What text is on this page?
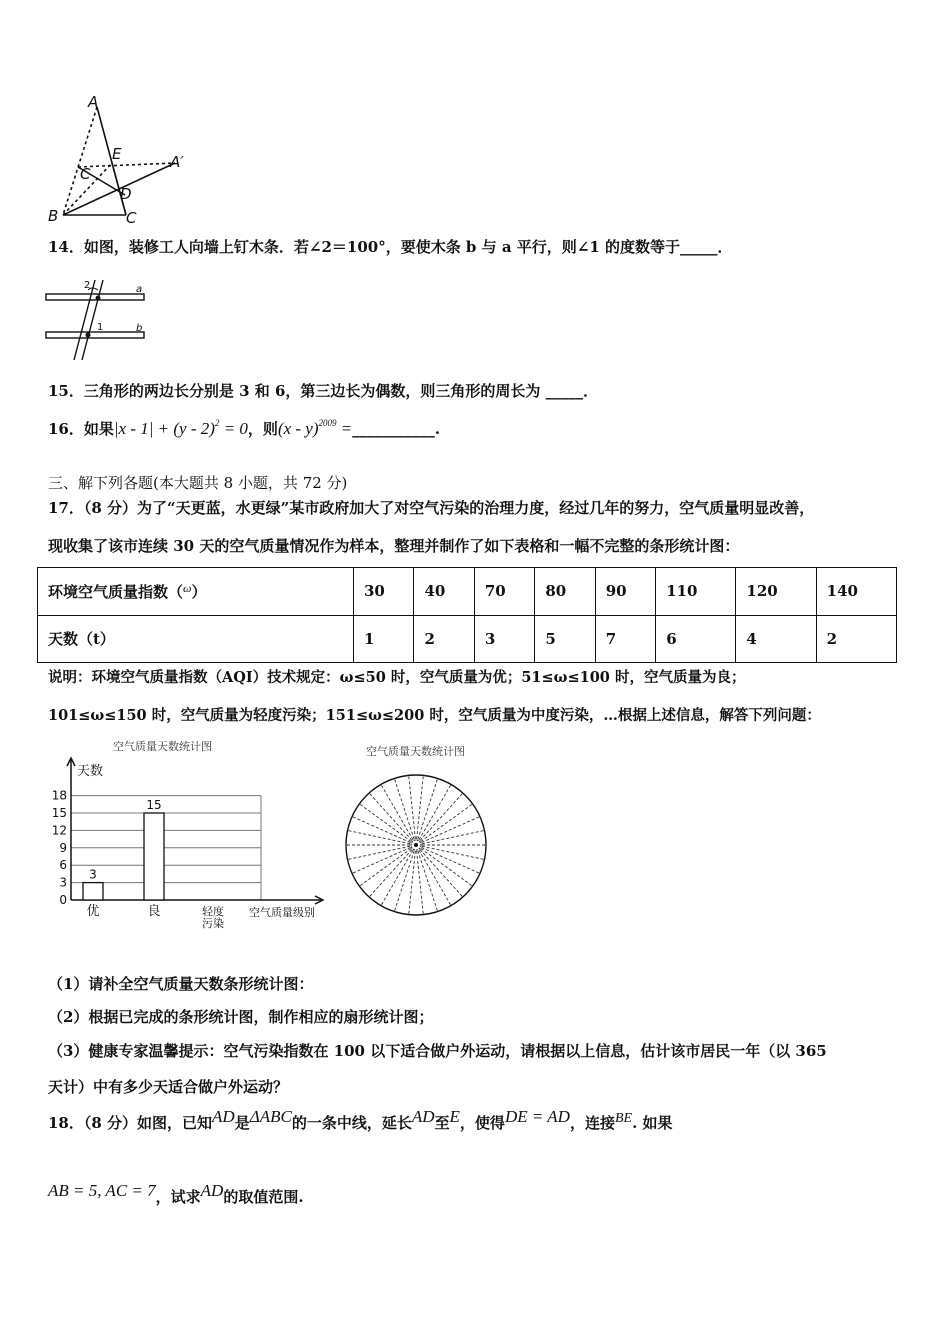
A
E	A′
C
D
B	C
14．如图，装修工人向墙上钉木条．若∠2＝100°，要使木条 b 与 a 平行，则∠1 的度数等于_____．
2	a
1	b
15．三角形的两边长分别是 3 和 6，第三边长为偶数，则三角形的周长为 _____．
16．如果|x - 1| + (y - 2)$^2$ = 0，则(x - y)$^{2009}$ =___________.
三、解下列各题(本大题共 8 小题，共 72 分)
17．（8 分）为了“天更蓝，水更绿”某市政府加大了对空气污染的治理力度，经过几年的努力，空气质量明显改善，
现收集了该市连续 30 天的空气质量情况作为样本，整理并制作了如下表格和一幅不完整的条形统计图：
环境空气质量指数（$^\omega$）	30	40	70	80	90	110	120	140
天数（t）	1	2	3	5	7	6	4	2
说明：环境空气质量指数（AQI）技术规定：ω≤50 时，空气质量为优；51≤ω≤100 时，空气质量为良；
101≤ω≤150 时，空气质量为轻度污染；151≤ω≤200 时，空气质量为中度污染，…根据上述信息，解答下列问题：
空气质量天数统计图
0
3
6
9
12
15
18
天数
空气质量级别
3
优
15
良	轻度
污染
空气质量天数统计图
（1）请补全空气质量天数条形统计图：
（2）根据已完成的条形统计图，制作相应的扇形统计图；
（3）健康专家温馨提示：空气污染指数在 100 以下适合做户外运动，请根据以上信息，估计该市居民一年（以 365
天计）中有多少天适合做户外运动？
18．（8 分）如图，已知AD是ΔABC的一条中线，延长AD至E，使得DE = AD，连接BE. 如果
AB = 5, AC = 7，试求AD的取值范围.
